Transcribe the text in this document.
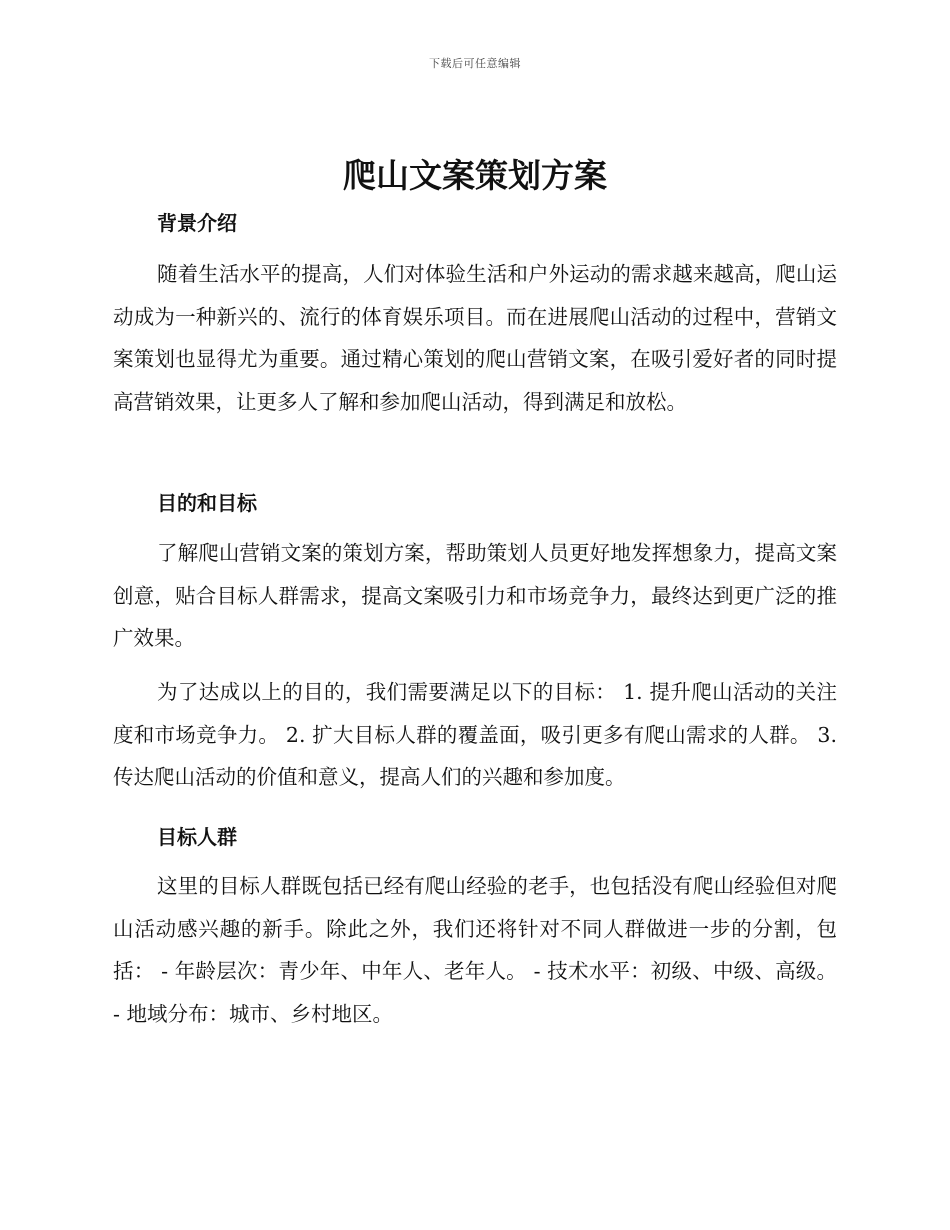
下载后可任意编辑
爬山文案策划方案
背景介绍

随着生活水平的提高，人们对体验生活和户外运动的需求越来越高，爬山运动成为一种新兴的、流行的体育娱乐项目。而在进展爬山活动的过程中，营销文案策划也显得尤为重要。通过精心策划的爬山营销文案，在吸引爱好者的同时提高营销效果，让更多人了解和参加爬山活动，得到满足和放松。

目的和目标

了解爬山营销文案的策划方案，帮助策划人员更好地发挥想象力，提高文案创意，贴合目标人群需求，提高文案吸引力和市场竞争力，最终达到更广泛的推广效果。

为了达成以上的目的，我们需要满足以下的目标： 1. 提升爬山活动的关注度和市场竞争力。 2. 扩大目标人群的覆盖面，吸引更多有爬山需求的人群。 3. 传达爬山活动的价值和意义，提高人们的兴趣和参加度。

目标人群

这里的目标人群既包括已经有爬山经验的老手，也包括没有爬山经验但对爬山活动感兴趣的新手。除此之外，我们还将针对不同人群做进一步的分割，包括： - 年龄层次：青少年、中年人、老年人。 - 技术水平：初级、中级、高级。 - 地域分布：城市、乡村地区。
